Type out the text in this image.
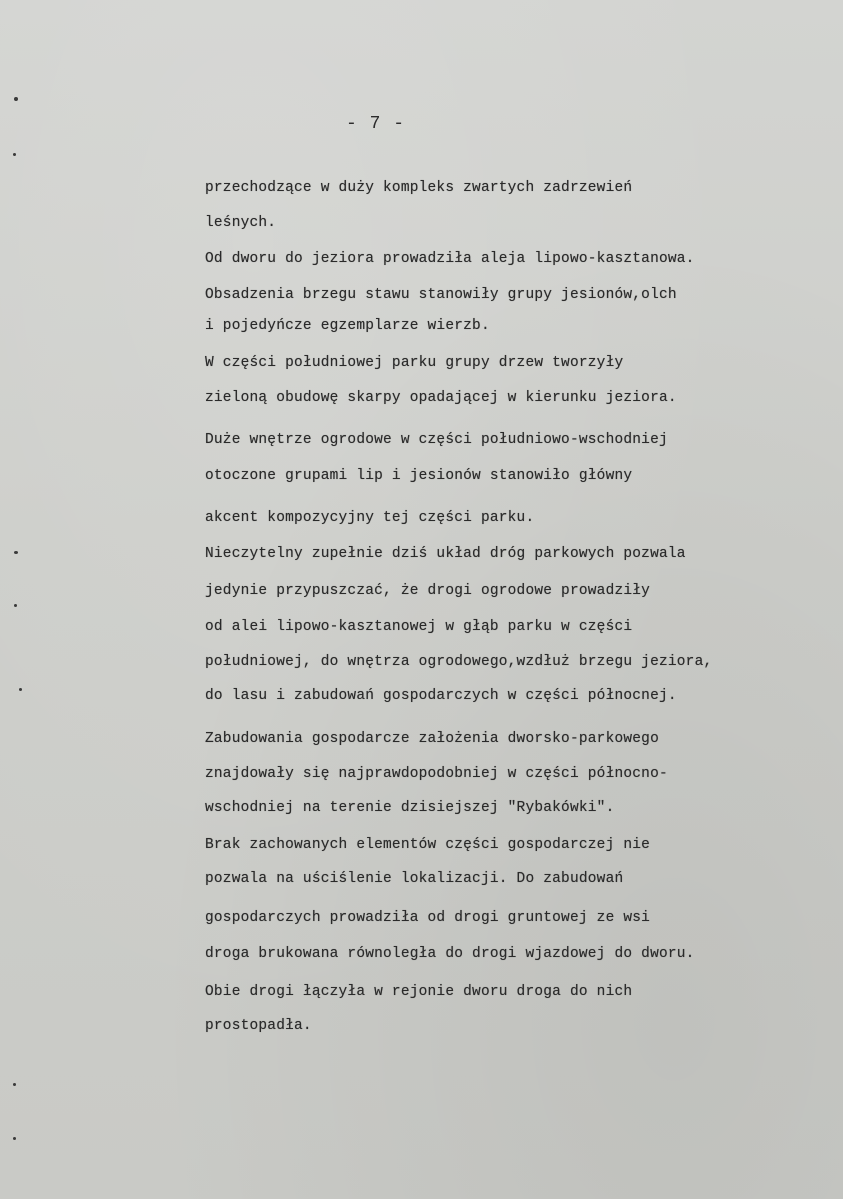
- 7 -

przechodzące w duży kompleks zwartych zadrzewień

leśnych.

Od dworu do jeziora prowadziła aleja lipowo-kasztanowa.

Obsadzenia brzegu stawu stanowiły grupy jesionów,olch

i pojedyńcze egzemplarze wierzb.

W części południowej parku grupy drzew tworzyły

zieloną obudowę skarpy opadającej w kierunku jeziora.

Duże wnętrze ogrodowe w części południowo-wschodniej

otoczone grupami lip i jesionów stanowiło główny

akcent kompozycyjny tej części parku.

Nieczytelny zupełnie dziś układ dróg parkowych pozwala

jedynie przypuszczać, że drogi ogrodowe prowadziły

od alei lipowo-kasztanowej w głąb parku w części

południowej, do wnętrza ogrodowego,wzdłuż brzegu jeziora,

do lasu i zabudowań gospodarczych w części północnej.

Zabudowania gospodarcze założenia dworsko-parkowego

znajdowały się najprawdopodobniej w części północno-

wschodniej na terenie dzisiejszej "Rybakówki".

Brak zachowanych elementów części gospodarczej nie

pozwala na uściślenie lokalizacji. Do zabudowań

gospodarczych prowadziła od drogi gruntowej ze wsi

droga brukowana równoległa do drogi wjazdowej do dworu.

Obie drogi łączyła w rejonie dworu droga do nich

prostopadła.
